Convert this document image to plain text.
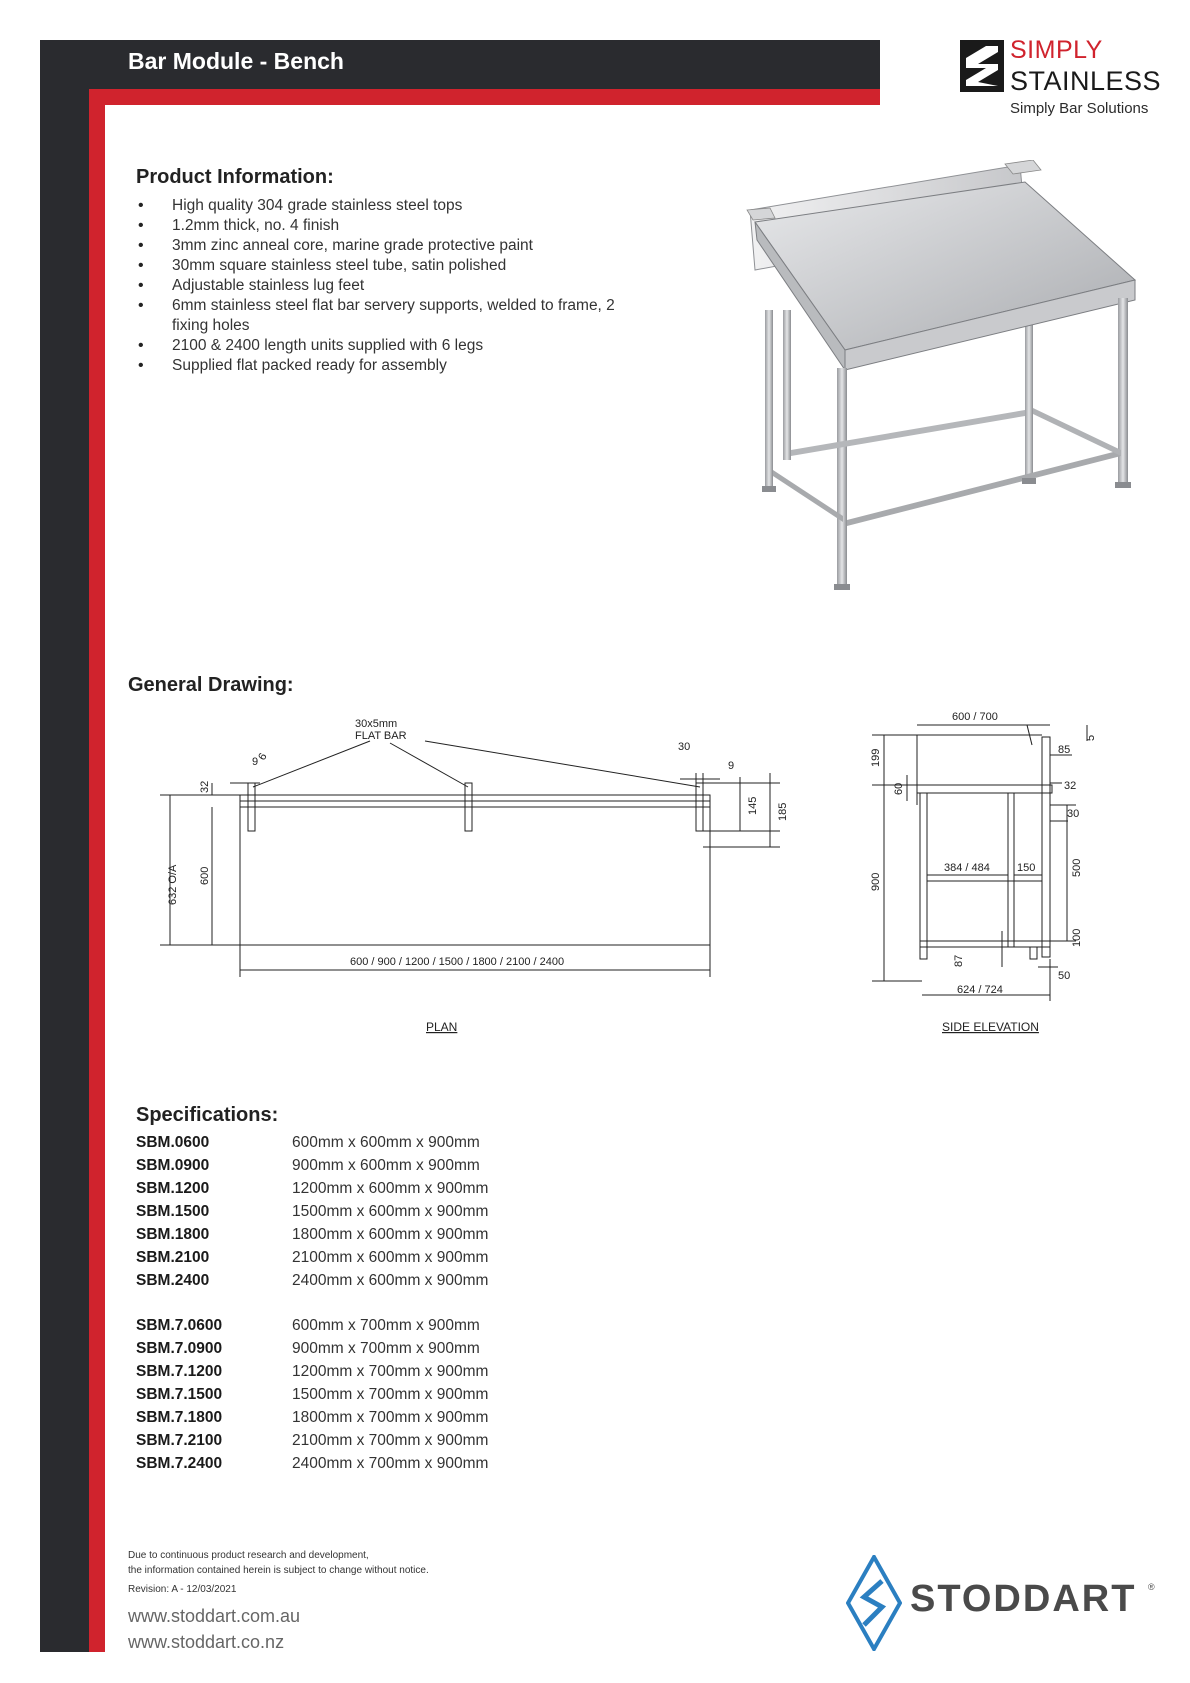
Bar Module - Bench	SIMPLY
STAINLESS
Simply Bar Solutions
Product Information:
• High quality 304 grade stainless steel tops
• 1.2mm thick, no. 4 finish
• 3mm zinc anneal core, marine grade protective paint
• 30mm square stainless steel tube, satin polished
• Adjustable stainless lug feet
• 6mm stainless steel flat bar servery supports, welded to frame, 2 fixing holes
• 2100 & 2400 length units supplied with 6 legs
• Supplied flat packed ready for assembly
General Drawing:
30x5mm
FLAT BAR
9
6
30
9
32
145 185
632 O/A 600
600 / 900 / 1200 / 1500 / 1800 / 2100 / 2400
PLAN
600 / 700
5
199	85
60	32
30
900
384 / 484 150	500
100
87
50
624 / 724
SIDE ELEVATION
Specifications:
SBM.0600	600mm x 600mm x 900mm
SBM.0900	900mm x 600mm x 900mm
SBM.1200	1200mm x 600mm x 900mm
SBM.1500	1500mm x 600mm x 900mm
SBM.1800	1800mm x 600mm x 900mm
SBM.2100	2100mm x 600mm x 900mm
SBM.2400	2400mm x 600mm x 900mm
SBM.7.0600	600mm x 700mm x 900mm
SBM.7.0900	900mm x 700mm x 900mm
SBM.7.1200	1200mm x 700mm x 900mm
SBM.7.1500	1500mm x 700mm x 900mm
SBM.7.1800	1800mm x 700mm x 900mm
SBM.7.2100	2100mm x 700mm x 900mm
SBM.7.2400	2400mm x 700mm x 900mm
Due to continuous product research and development,
the information contained herein is subject to change without notice.
Revision: A - 12/03/2021
www.stoddart.com.au
www.stoddart.co.nz
STODDART ®
